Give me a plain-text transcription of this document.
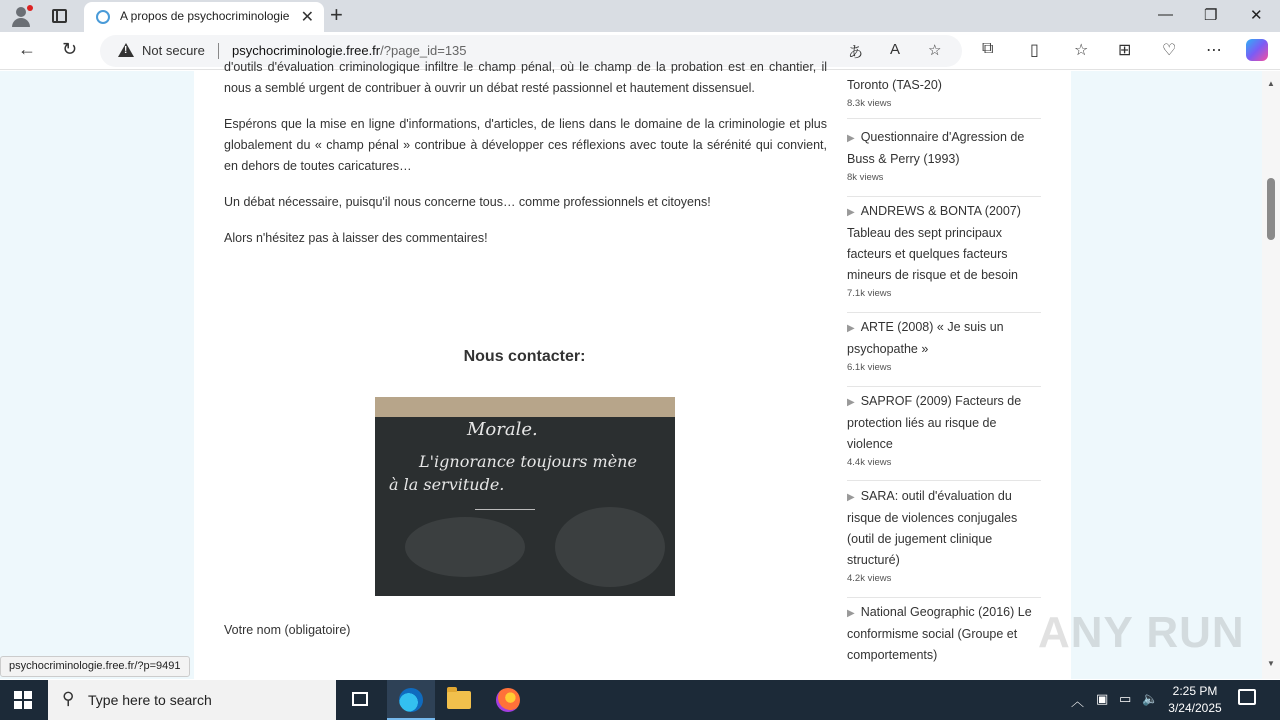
A propos de psychocriminologie ✕ +	— ❐ ✕
← ↻
!	Not secure psychocriminologie.free.fr/?page_id=135	あ A ☆	⧉ ▯ ☆ ⊞ ♡ ⋯

d'outils d'évaluation criminologique infiltre le champ pénal, où le champ de la probation est en chantier, il nous a semblé urgent de contribuer à ouvrir un débat resté passionnel et hautement dissensuel.

Espérons que la mise en ligne d'informations, d'articles, de liens dans le domaine de la criminologie et plus globalement du « champ pénal » contribue à développer ces réflexions avec toute la sérénité qui convient, en dehors de toutes caricatures…

Un débat nécessaire, puisqu'il nous concerne tous… comme professionnels et citoyens!

Alors n'hésitez pas à laisser des commentaires!

Toronto (TAS-20)
8.3k views
▶ Questionnaire d'Agression de Buss & Perry (1993)
8k views
▶ ANDREWS & BONTA (2007) Tableau des sept principaux facteurs et quelques facteurs mineurs de risque et de besoin
7.1k views
▶ ARTE (2008) « Je suis un psychopathe »
6.1k views
▶ SAPROF (2009) Facteurs de protection liés au risque de violence
4.4k views
▶ SARA: outil d'évaluation du risque de violences conjugales (outil de jugement clinique structuré)
4.2k views
▶ National Geographic (2016) Le conformisme social (Groupe et comportements)
Nous contacter:
Morale.
L'ignorance toujours mène
à la servitude.
Votre nom (obligatoire)
▲
▼
psychocriminologie.free.fr/?p=9491
ANY RUN
⚲ Type here to search	︿ ▣ ▭ 🔈	2:25 PM
3/24/2025
